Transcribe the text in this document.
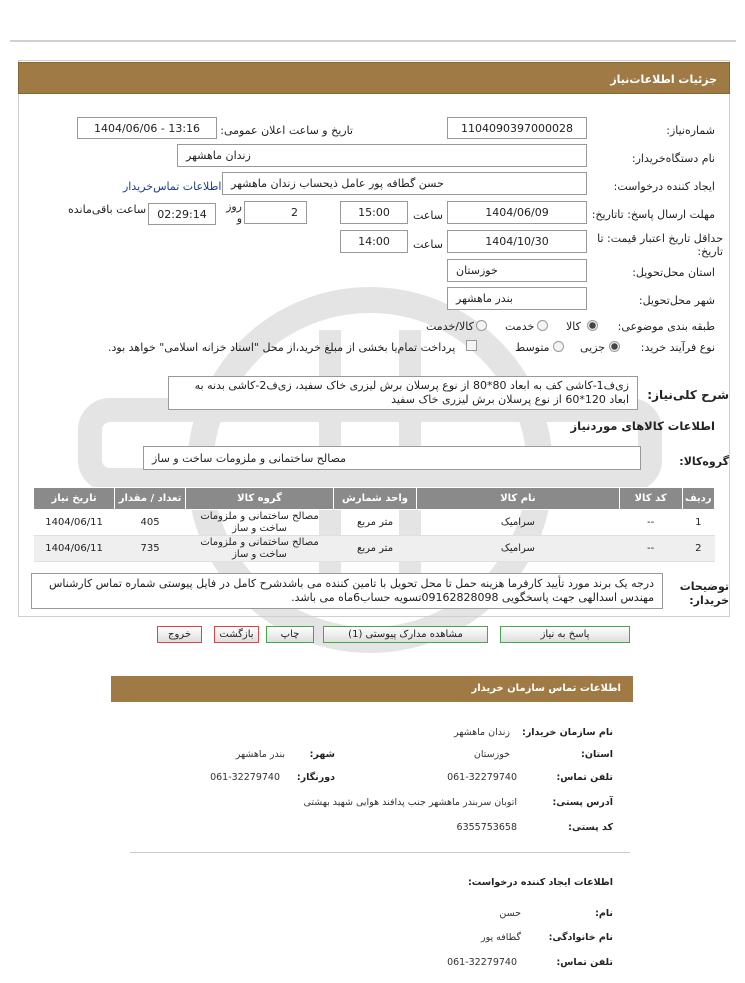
جزئیات اطلاعات‌نیاز
شماره‌نیاز:
1104090397000028
تاریخ و ساعت اعلان عمومی:
1404/06/06 - 13:16
نام دستگاه‌خریدار:
زندان ماهشهر
ایجاد کننده درخواست:
حسن گطافه پور عامل ذیحساب زندان ماهشهر
اطلاعات تماس‌خریدار
مهلت ارسال پاسخ: تاتاریخ:
1404/06/09
ساعت
15:00
2
روز و
02:29:14
ساعت باقی‌مانده
حداقل تاریخ اعتبار قیمت: تا تاریخ:
1404/10/30
ساعت
14:00
استان محل‌تحویل:
خوزستان
شهر محل‌تحویل:
بندر ماهشهر
طبقه بندی موضوعی:
کالا
خدمت
کالا/خدمت
نوع فرآیند خرید:
جزیی
متوسط
پرداخت تمام‌یا بخشی از مبلغ خرید،از محل "اسناد خزانه اسلامی" خواهد بود.
شرح کلی‌نیاز:
زی‌ف1-کاشی کف به ابعاد 80*80 از نوع پرسلان برش لیزری خاک سفید، زی‌ف2-کاشی بدنه به ابعاد 120*60 از نوع پرسلان برش لیزری خاک سفید
اطلاعات کالاهای موردنیاز
گروه‌کالا:
مصالح ساختمانی و ملزومات ساخت و ساز
ردیف	کد کالا	نام کالا	واحد شمارش	گروه کالا	تعداد / مقدار	تاریخ نیاز
1	--	سرامیک	متر مربع	مصالح ساختمانی و ملزومات ساخت و ساز	405	1404/06/11
2	--	سرامیک	متر مربع	مصالح ساختمانی و ملزومات ساخت و ساز	735	1404/06/11
توضیحات خریدار:
درجه یک برند مورد تأیید کارفرما هزینه حمل تا محل تحویل با تامین کننده می باشدشرح کامل در فایل پیوستی شماره تماس کارشناس مهندس اسدالهی جهت پاسخگویی 09162828098تسویه حساب6ماه می باشد.
پاسخ به نیاز
مشاهده مدارک پیوستی (1)
چاپ
بازگشت
خروج
اطلاعات تماس سازمان خریدار
نام سازمان خریدار:
زندان ماهشهر
استان:
خوزستان
شهر:
بندر ماهشهر
تلفن تماس:
061-32279740
دورنگار:
061-32279740
آدرس پستی:
اتوبان سربندر ماهشهر جنب پدافند هوایی شهید بهشتی
کد پستی:
6355753658
اطلاعات ایجاد کننده درخواست:
نام:
حسن
نام خانوادگی:
گطافه پور
تلفن تماس:
061-32279740
